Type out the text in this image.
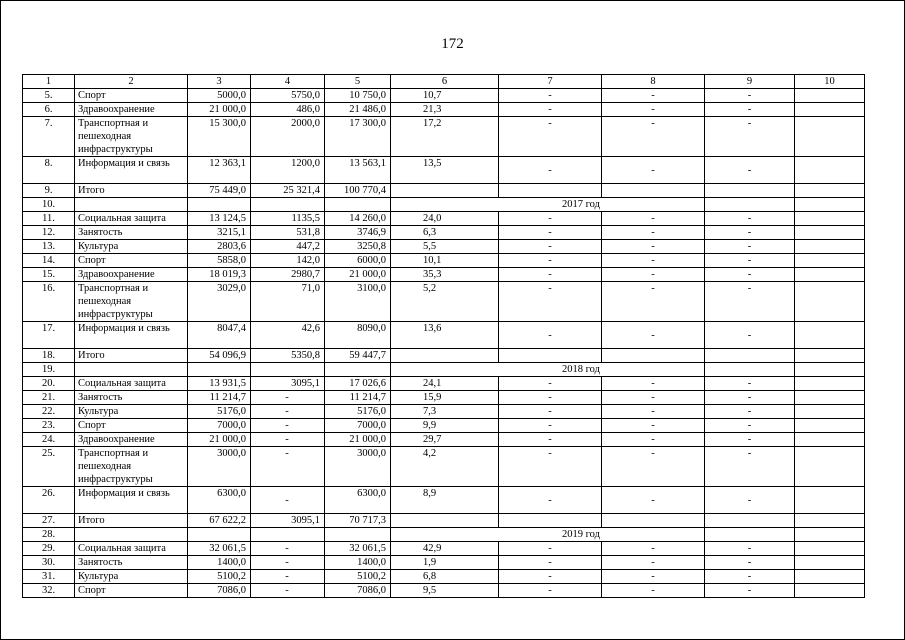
172
1	2	3	4	5	6	7	8	9	10
5.	Спорт	5000,0	5750,0	10 750,0	10,7	-	-	-	
6.	Здравоохранение	21 000,0	486,0	21 486,0	21,3	-	-	-	
7.	Транспортная и пешеходная инфраструктуры	15 300,0	2000,0	17 300,0	17,2	-	-	-	
8.	Информация и связь	12 363,1	1200,0	13 563,1	13,5	-	-	-	
9.	Итого	75 449,0	25 321,4	100 770,4					
10.					2017 год				
11.	Социальная защита	13 124,5	1135,5	14 260,0	24,0	-	-	-	
12.	Занятость	3215,1	531,8	3746,9	6,3	-	-	-	
13.	Культура	2803,6	447,2	3250,8	5,5	-	-	-	
14.	Спорт	5858,0	142,0	6000,0	10,1	-	-	-	
15.	Здравоохранение	18 019,3	2980,7	21 000,0	35,3	-	-	-	
16.	Транспортная и пешеходная инфраструктуры	3029,0	71,0	3100,0	5,2	-	-	-	
17.	Информация и связь	8047,4	42,6	8090,0	13,6	-	-	-	
18.	Итого	54 096,9	5350,8	59 447,7					
19.					2018 год				
20.	Социальная защита	13 931,5	3095,1	17 026,6	24,1	-	-	-	
21.	Занятость	11 214,7	-	11 214,7	15,9	-	-	-	
22.	Культура	5176,0	-	5176,0	7,3	-	-	-	
23.	Спорт	7000,0	-	7000,0	9,9	-	-	-	
24.	Здравоохранение	21 000,0	-	21 000,0	29,7	-	-	-	
25.	Транспортная и пешеходная инфраструктуры	3000,0	-	3000,0	4,2	-	-	-	
26.	Информация и связь	6300,0	-	6300,0	8,9	-	-	-	
27.	Итого	67 622,2	3095,1	70 717,3					
28.					2019 год				
29.	Социальная защита	32 061,5	-	32 061,5	42,9	-	-	-	
30.	Занятость	1400,0	-	1400,0	1,9	-	-	-	
31.	Культура	5100,2	-	5100,2	6,8	-	-	-	
32.	Спорт	7086,0	-	7086,0	9,5	-	-	-	
